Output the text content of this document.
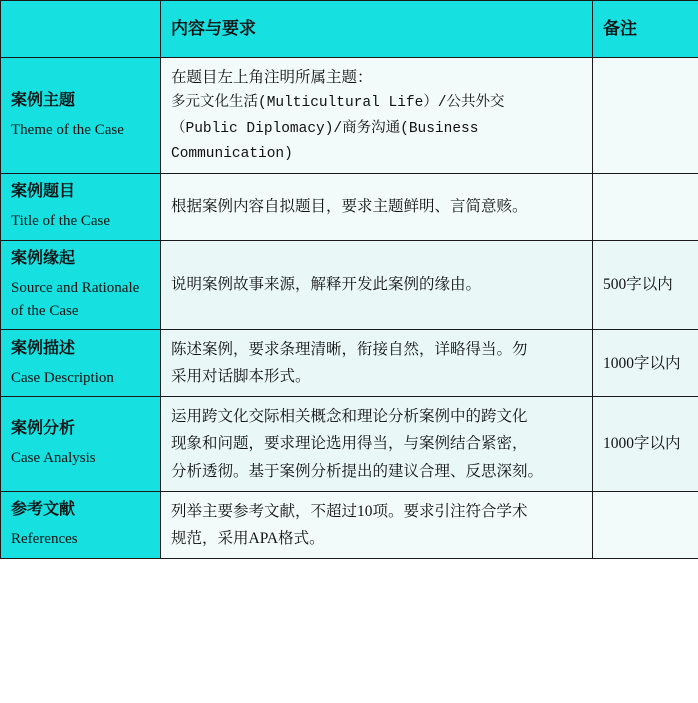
	内容与要求	备注

案例主题
Theme of the Case	在题目左上角注明所属主题：
多元文化生活(Multicultural Life）/公共外交
（Public Diplomacy)/商务沟通(Business
Communication)	

案例题目
Title of the Case	根据案例内容自拟题目，要求主题鲜明、言简意赅。	

案例缘起
Source and Rationale of the Case	说明案例故事来源，解释开发此案例的缘由。	500字以内

案例描述
Case Description	陈述案例，要求条理清晰，衔接自然，详略得当。勿
采用对话脚本形式。	1000字以内

案例分析
Case Analysis	运用跨文化交际相关概念和理论分析案例中的跨文化
现象和问题，要求理论选用得当，与案例结合紧密，
分析透彻。基于案例分析提出的建议合理、反思深刻。	1000字以内

参考文献
References	列举主要参考文献，不超过10项。要求引注符合学术
规范，采用APA格式。	
